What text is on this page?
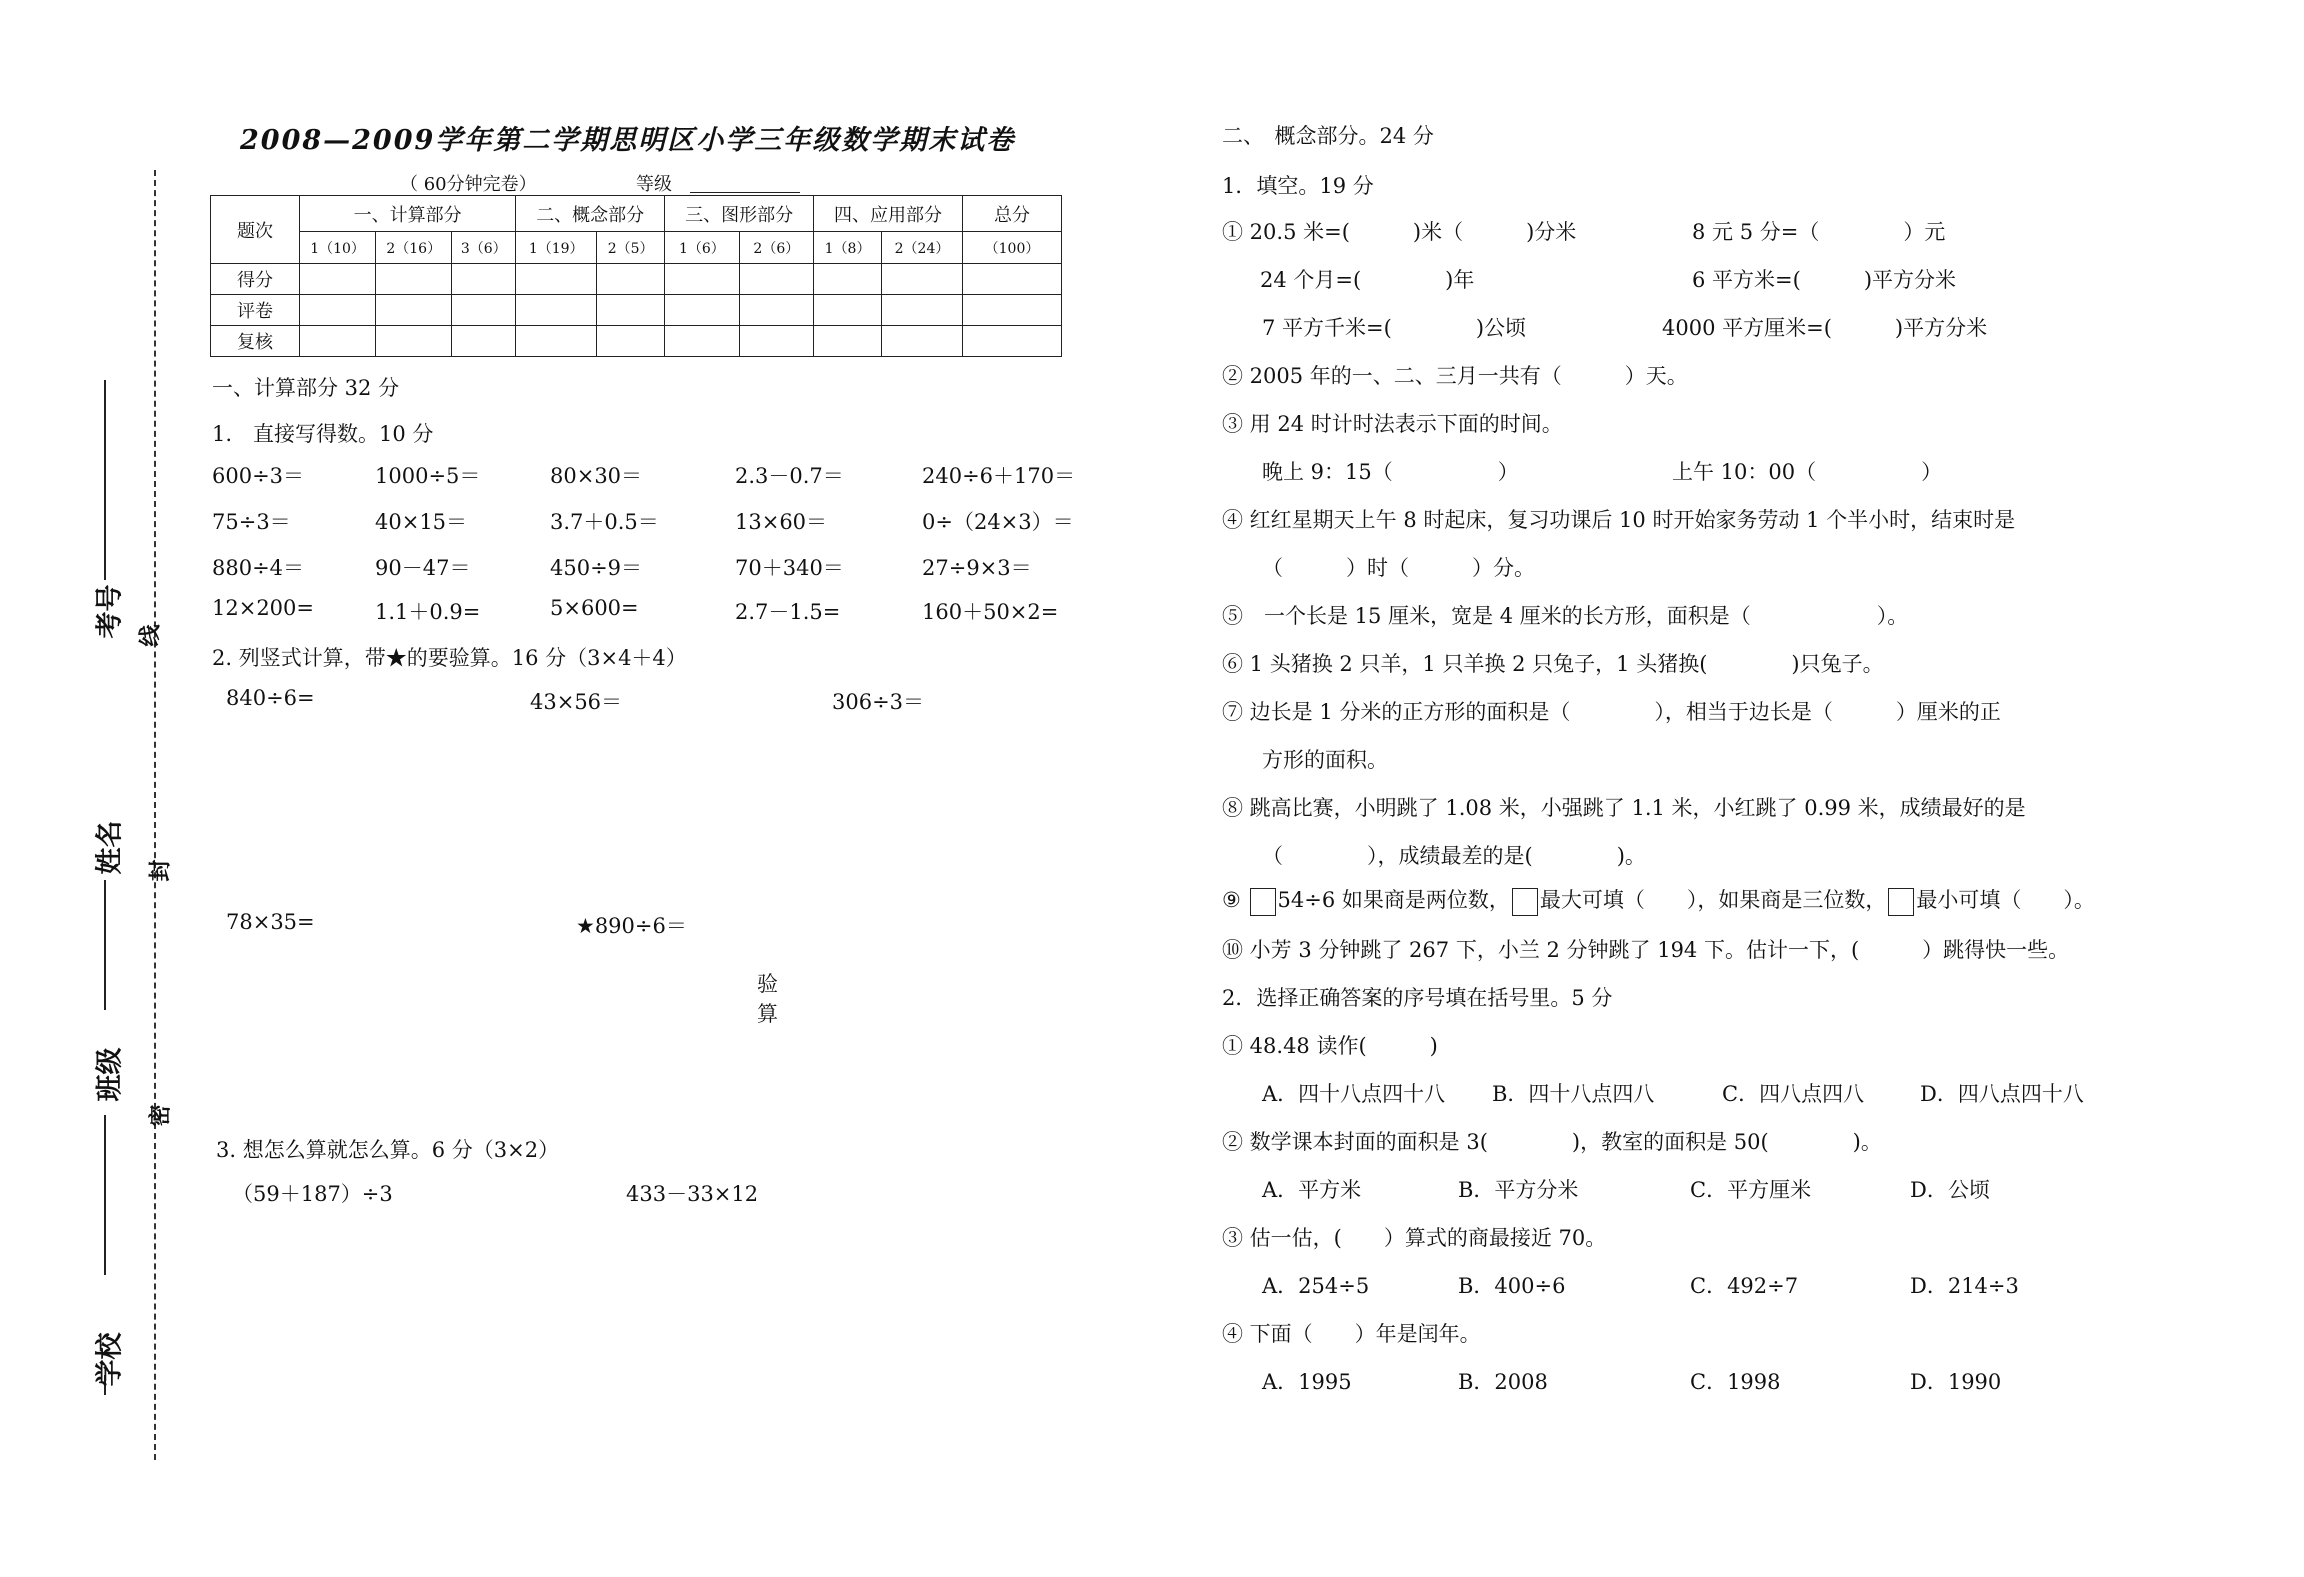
考号
姓名
班级
学校
线
封
密
2008—2009学年第二学期思明区小学三年级数学期末试卷
（ 60分钟完卷）	等级
题次	一、计算部分			二、概念部分		三、图形部分		四、应用部分		总分
	1（10）	2（16）	3（6）	1（19）	2（5）	1（6）	2（6）	1（8）	2（24）	（100）
得分										
评卷										
复核										
一、计算部分 32 分
1.　直接写得数。10 分
600÷3＝	1000÷5＝	80×30＝	2.3－0.7＝	240÷6＋170＝
75÷3＝	40×15＝	3.7＋0.5＝	13×60＝	0÷（24×3）＝
880÷4＝	90－47＝	450÷9＝	70＋340＝	27÷9×3＝
12×200=	1.1＋0.9=	5×600=	2.7－1.5=	160＋50×2=
2. 列竖式计算，带★的要验算。16 分（3×4＋4）
840÷6=	43×56＝	306÷3＝
78×35=	★890÷6＝
验
算
3. 想怎么算就怎么算。6 分（3×2）
（59＋187）÷3	433－33×12
二、　概念部分。24 分
1．填空。19 分
① 20.5 米=(　　　)米（　　　)分米	8 元 5 分=（　　　　）元
24 个月=(　　　　)年	6 平方米=(　　　)平方分米
7 平方千米=(　　　　)公顷	4000 平方厘米=(　　　)平方分米
② 2005 年的一、二、三月一共有（　　　）天。
③ 用 24 时计时法表示下面的时间。
晚上 9：15（　　　　　）	上午 10：00（　　　　　）
④ 红红星期天上午 8 时起床，复习功课后 10 时开始家务劳动 1 个半小时，结束时是
（　　　）时（　　　）分。
⑤　一个长是 15 厘米，宽是 4 厘米的长方形，面积是（　　　　　　）。
⑥ 1 头猪换 2 只羊，1 只羊换 2 只兔子，1 头猪换(　　　　)只兔子。
⑦ 边长是 1 分米的正方形的面积是（　　　　），相当于边长是（　　　）厘米的正
方形的面积。
⑧ 跳高比赛，小明跳了 1.08 米，小强跳了 1.1 米，小红跳了 0.99 米，成绩最好的是
（　　　　），成绩最差的是(　　　　)。
⑨ 54÷6 如果商是两位数， 最大可填（　　），如果商是三位数， 最小可填（　　）。
⑩ 小芳 3 分钟跳了 267 下，小兰 2 分钟跳了 194 下。估计一下，(　　　）跳得快一些。
2．选择正确答案的序号填在括号里。5 分
① 48.48 读作(　　　)
A．四十八点四十八 B．四十八点四八	C．四八点四八	D．四八点四十八
② 数学课本封面的面积是 3(　　　　)，教室的面积是 50(　　　　)。
A．平方米	B．平方分米	C．平方厘米	D．公顷
③ 估一估，(　　）算式的商最接近 70。
A．254÷5	B．400÷6	C．492÷7	D．214÷3
④ 下面（　　）年是闰年。
A．1995	B．2008	C．1998	D．1990
